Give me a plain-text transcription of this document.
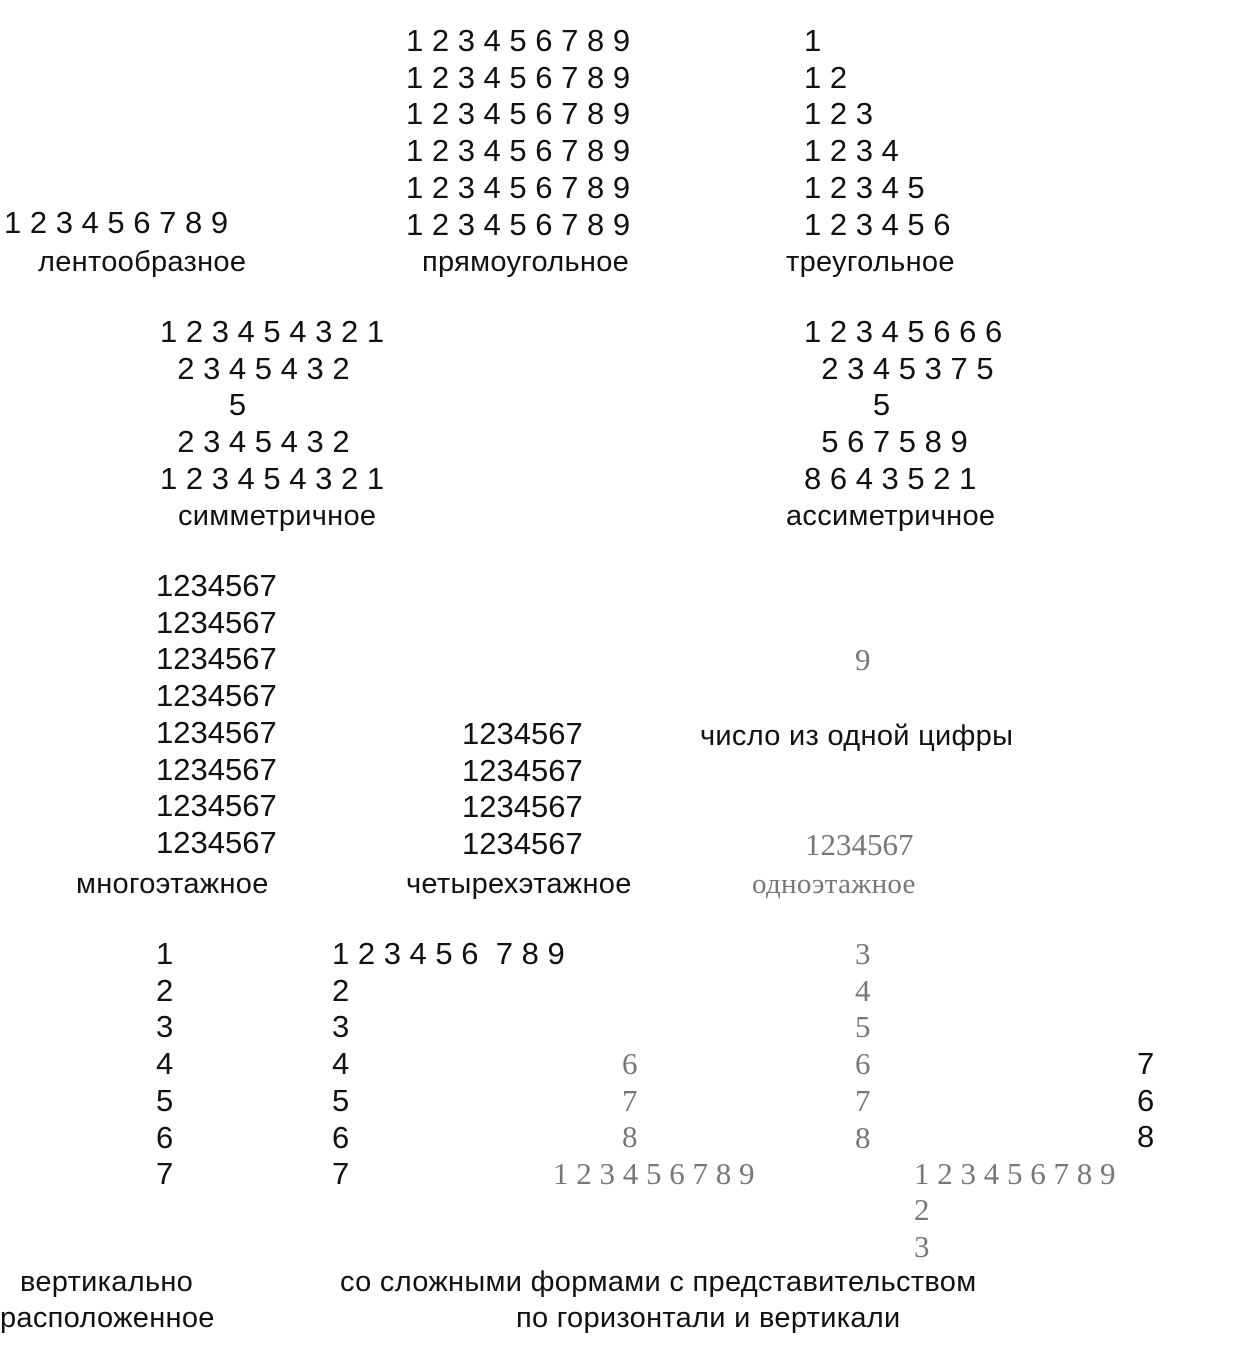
1 2 3 4 5 6 7 8 9
лентообразное
1 2 3 4 5 6 7 8 9
1 2 3 4 5 6 7 8 9
1 2 3 4 5 6 7 8 9
1 2 3 4 5 6 7 8 9
1 2 3 4 5 6 7 8 9
1 2 3 4 5 6 7 8 9
прямоугольное
1
1 2
1 2 3
1 2 3 4
1 2 3 4 5
1 2 3 4 5 6
треугольное
1 2 3 4 5 4 3 2 1
2 3 4 5 4 3 2
5
2 3 4 5 4 3 2
1 2 3 4 5 4 3 2 1
симметричное
1 2 3 4 5 6 6 6
2 3 4 5 3 7 5
5
5 6 7 5 8 9
8 6 4 3 5 2 1
ассиметричное
1234567
1234567
1234567
1234567
1234567
1234567
1234567
1234567
многоэтажное
1234567
1234567
1234567
1234567
четырехэтажное
9
число из одной цифры
1234567
одноэтажное
1
2
3
4
5
6
7
1 2 3 4 5 6  7 8 9
2
3
4
5
6
7
6
7
8
1 2 3 4 5 6 7 8 9
3
4
5
6
7
8
1 2 3 4 5 6 7 8 9
2
3
7
6
8
вертикально
расположенное
со сложными формами с представительством
по горизонтали и вертикали
